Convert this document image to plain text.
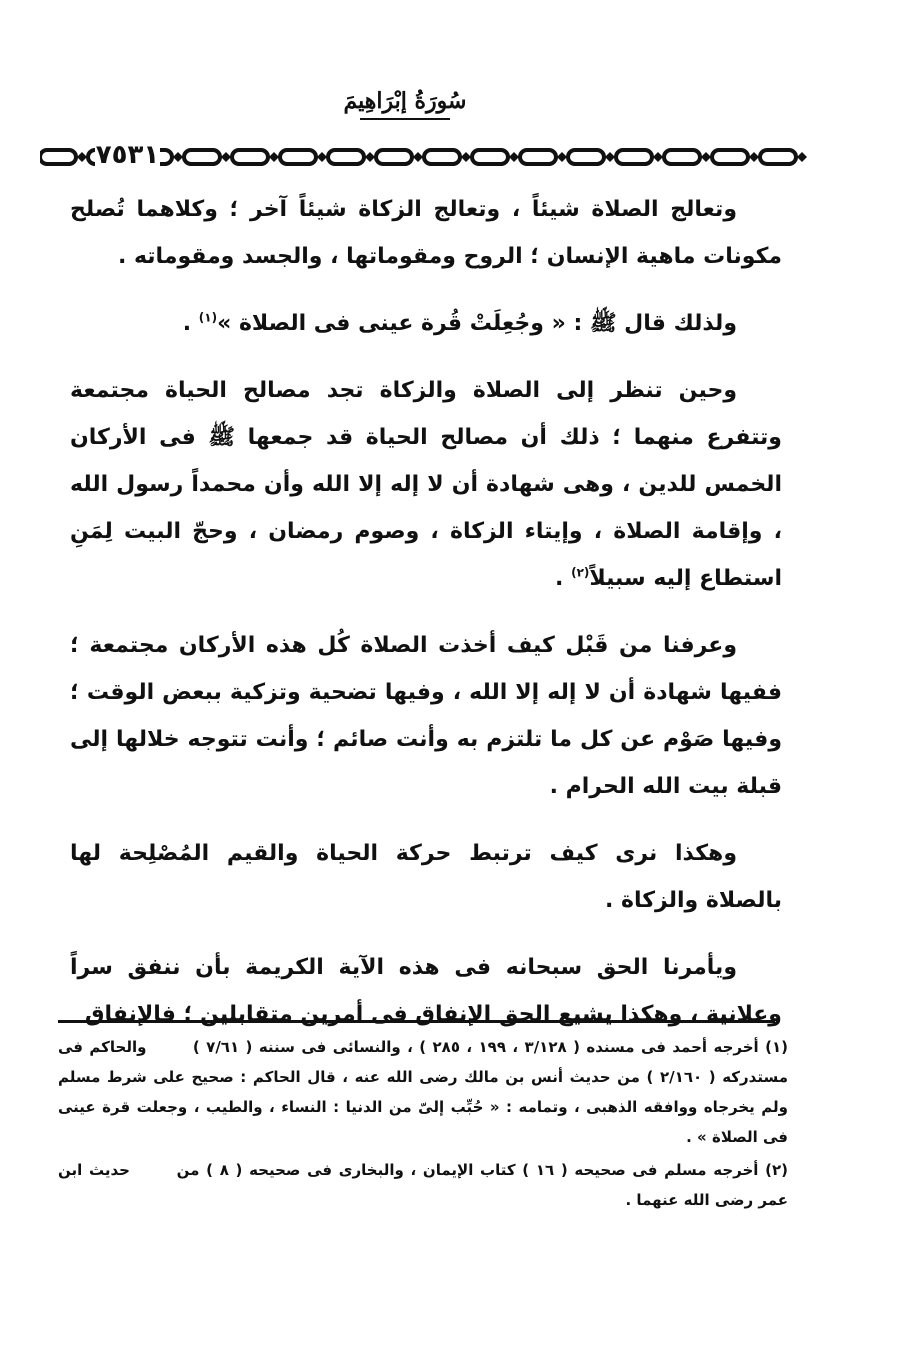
سُورَةُ إبْرَاهِيمَ
٧٥٣١

وتعالج الصلاة شيئاً ، وتعالج الزكاة شيئاً آخر ؛ وكلاهما تُصلح مكونات ماهية الإنسان ؛ الروح ومقوماتها ، والجسد ومقوماته .

ولذلك قال ﷺ : « وجُعِلَتْ قُرة عينى فى الصلاة »$^{(١)}$ .

وحين تنظر إلى الصلاة والزكاة تجد مصالح الحياة مجتمعة وتتفرع منهما ؛ ذلك أن مصالح الحياة قد جمعها ﷺ فى الأركان الخمس للدين ، وهى شهادة أن لا إله إلا الله وأن محمداً رسول الله ، وإقامة الصلاة ، وإيتاء الزكاة ، وصوم رمضان ، وحجّ البيت لِمَنِ استطاع إليه سبيلاً$^{(٢)}$ .

وعرفنا من قَبْل كيف أخذت الصلاة كُل هذه الأركان مجتمعة ؛ ففيها شهادة أن لا إله إلا الله ، وفيها تضحية وتزكية ببعض الوقت ؛ وفيها صَوْم عن كل ما تلتزم به وأنت صائم ؛ وأنت تتوجه خلالها إلى قبلة بيت الله الحرام .

وهكذا نرى كيف ترتبط حركة الحياة والقيم المُصْلِحة لها بالصلاة والزكاة .

ويأمرنا الحق سبحانه فى هذه الآية الكريمة بأن ننفق سراً وعلانية ، وهكذا يشيع الحق الإنفاق فى أمرين متقابلين ؛ فالإنفاق

(١) أخرجه أحمد فى مسنده ( ٣/١٢٨ ، ١٩٩ ، ٢٨٥ ) ، والنسائى فى سننه ( ٧/٦١ ) والحاكم فى مستدركه ( ٢/١٦٠ ) من حديث أنس بن مالك رضى الله عنه ، قال الحاكم : صحيح على شرط مسلم ولم يخرجاه ووافقه الذهبى ، وتمامه : « حُبِّب إلىّ من الدنيا : النساء ، والطيب ، وجعلت قرة عينى فى الصلاة » .

(٢) أخرجه مسلم فى صحيحه ( ١٦ ) كتاب الإيمان ، والبخارى فى صحيحه ( ٨ ) من حديث ابن عمر رضى الله عنهما .
